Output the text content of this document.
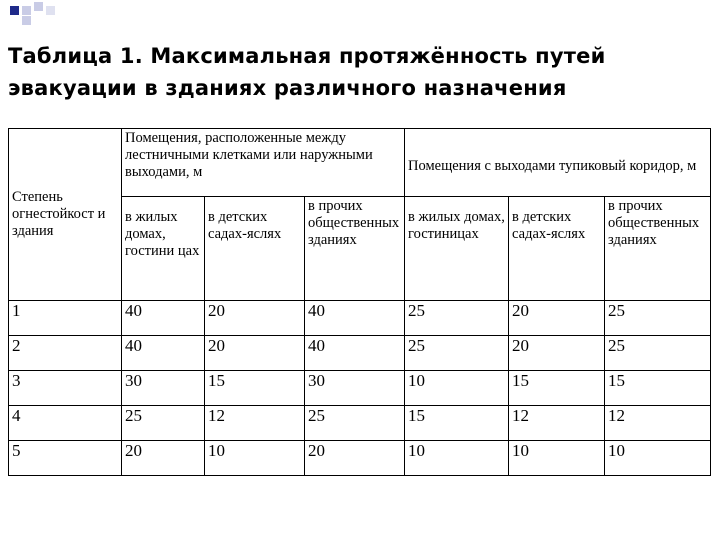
Таблица 1. Максимальная протяжённость путей эвакуации в зданиях различного назначения
Степень огнестойкост и здания	Помещения, расположенные между лестничными клетками или наружными выходами, м			Помещения с выходами тупиковый коридор, м		
	в жилых домах, гостини цах	в детских садах-яслях	в прочих общественных зданиях	в жилых домах, гостиницах	в детских садах-яслях	в прочих общественных зданиях
1	40	20	40	25	20	25
2	40	20	40	25	20	25
3	30	15	30	10	15	15
4	25	12	25	15	12	12
5	20	10	20	10	10	10
